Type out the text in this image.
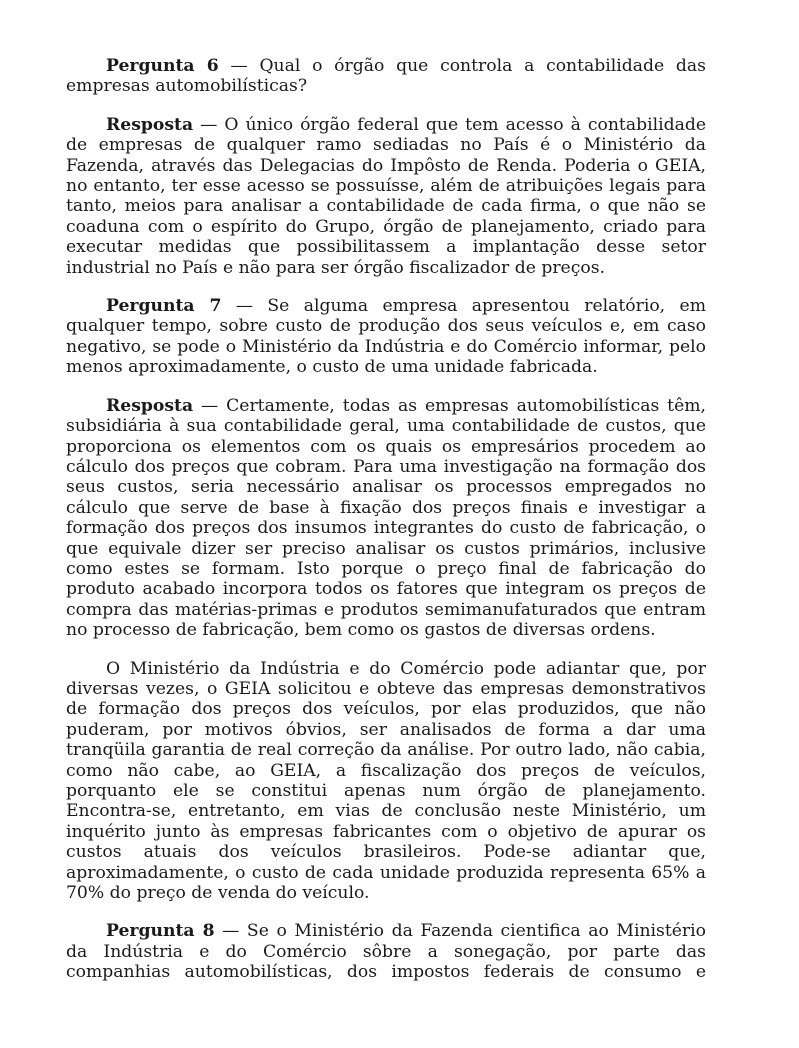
Pergunta 6 — Qual o órgão que controla a contabilidade das empresas automobilísticas?

Resposta — O único órgão federal que tem acesso à contabilidade de empresas de qualquer ramo sediadas no País é o Ministério da Fazenda, através das Delegacias do Impôsto de Renda. Poderia o GEIA, no entanto, ter esse acesso se possuísse, além de atribuições legais para tanto, meios para analisar a contabilidade de cada firma, o que não se coaduna com o espírito do Grupo, órgão de planejamento, criado para executar medidas que possibilitassem a implantação desse setor industrial no País e não para ser órgão fiscalizador de preços.

Pergunta 7 — Se alguma empresa apresentou relatório, em qualquer tempo, sobre custo de produção dos seus veículos e, em caso negativo, se pode o Ministério da Indústria e do Comércio informar, pelo menos aproximadamente, o custo de uma unidade fabricada.

Resposta — Certamente, todas as empresas automobilísticas têm, subsidiária à sua contabilidade geral, uma contabilidade de custos, que proporciona os elementos com os quais os empresários procedem ao cálculo dos preços que cobram. Para uma investigação na formação dos seus custos, seria necessário analisar os processos empregados no cálculo que serve de base à fixação dos preços finais e investigar a formação dos preços dos insumos integrantes do custo de fabricação, o que equivale dizer ser preciso analisar os custos primários, inclusive como estes se formam. Isto porque o preço final de fabricação do produto acabado incorpora todos os fatores que integram os preços de compra das matérias-primas e produtos semimanufaturados que entram no processo de fabricação, bem como os gastos de diversas ordens.

O Ministério da Indústria e do Comércio pode adiantar que, por diversas vezes, o GEIA solicitou e obteve das empresas demonstrativos de formação dos preços dos veículos, por elas produzidos, que não puderam, por motivos óbvios, ser analisados de forma a dar uma tranqüila garantia de real correção da análise. Por outro lado, não cabia, como não cabe, ao GEIA, a fiscalização dos preços de veículos, porquanto ele se constitui apenas num órgão de planejamento. Encontra-se, entretanto, em vias de conclusão neste Ministério, um inquérito junto às empresas fabricantes com o objetivo de apurar os custos atuais dos veículos brasileiros. Pode-se adiantar que, aproximadamente, o custo de cada unidade produzida representa 65% a 70% do preço de venda do veículo.

Pergunta 8 — Se o Ministério da Fazenda cientifica ao Ministério da Indústria e do Comércio sôbre a sonegação, por parte das companhias automobilísticas, dos impostos federais de consumo e
